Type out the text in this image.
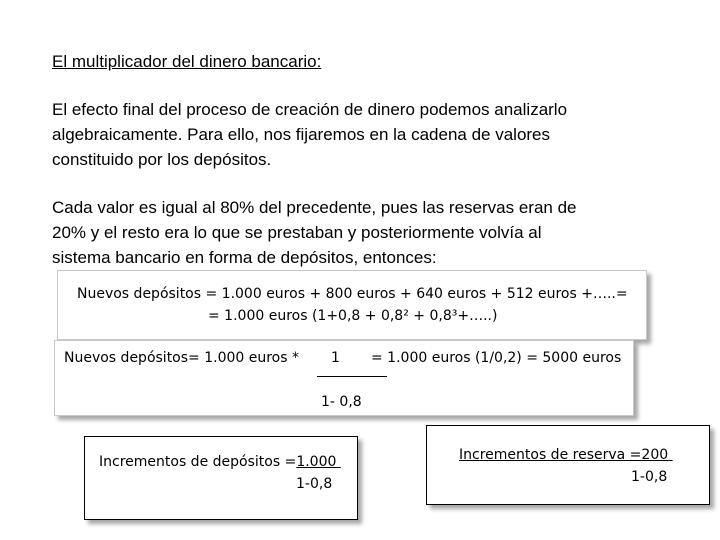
El multiplicador del dinero bancario:
El efecto final del proceso de creación de dinero podemos analizarlo
algebraicamente. Para ello, nos fijaremos en la cadena de valores
constituido por los depósitos.
Cada valor es igual al 80% del precedente, pues las reservas eran de
20% y el resto era lo que se prestaban y posteriormente volvía al
sistema bancario en forma de depósitos, entonces:
Nuevos depósitos = 1.000 euros + 800 euros + 640 euros + 512 euros +…..=
= 1.000 euros (1+0,8 + 0,8² + 0,8³+…..)
Nuevos depósitos= 1.000 euros * 1 = 1.000 euros (1/0,2) = 5000 euros
1- 0,8
Incrementos de depósitos =1.000
1-0,8
Incrementos de reserva =200
1-0,8
